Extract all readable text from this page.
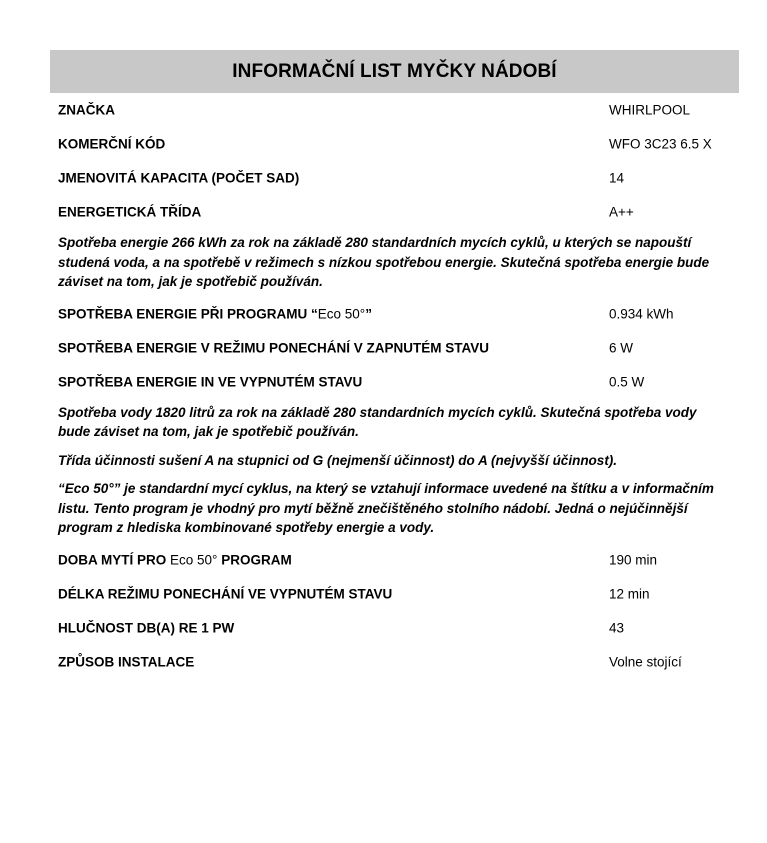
INFORMAČNÍ LIST MYČKY NÁDOBÍ
ZNAČKA	WHIRLPOOL
KOMERČNÍ KÓD	WFO 3C23 6.5 X
JMENOVITÁ KAPACITA (POČET SAD)	14
ENERGETICKÁ TŘÍDA	A++
Spotřeba energie 266 kWh za rok na základě 280 standardních mycích cyklů, u kterých se napouští studená voda, a na spotřebě v režimech s nízkou spotřebou energie. Skutečná spotřeba energie bude záviset na tom, jak je spotřebič používán.
SPOTŘEBA ENERGIE PŘI PROGRAMU “Eco 50°”	0.934 kWh
SPOTŘEBA ENERGIE V REŽIMU PONECHÁNÍ V ZAPNUTÉM STAVU	6 W
SPOTŘEBA ENERGIE IN VE VYPNUTÉM STAVU	0.5 W
Spotřeba vody 1820 litrů za rok na základě 280 standardních mycích cyklů. Skutečná spotřeba vody bude záviset na tom, jak je spotřebič používán.
Třída účinnosti sušení A na stupnici od G (nejmenší účinnost) do A (nejvyšší účinnost).
“Eco 50°” je standardní mycí cyklus, na který se vztahují informace uvedené na štítku a v informačním listu. Tento program je vhodný pro mytí běžně znečištěného stolního nádobí. Jedná o nejúčinnější program z hlediska kombinované spotřeby energie a vody.
DOBA MYTÍ PRO Eco 50° PROGRAM	190 min
DÉLKA REŽIMU PONECHÁNÍ VE VYPNUTÉM STAVU	12 min
HLUČNOST DB(A) RE 1 PW	43
ZPŮSOB INSTALACE	Volne stojící
